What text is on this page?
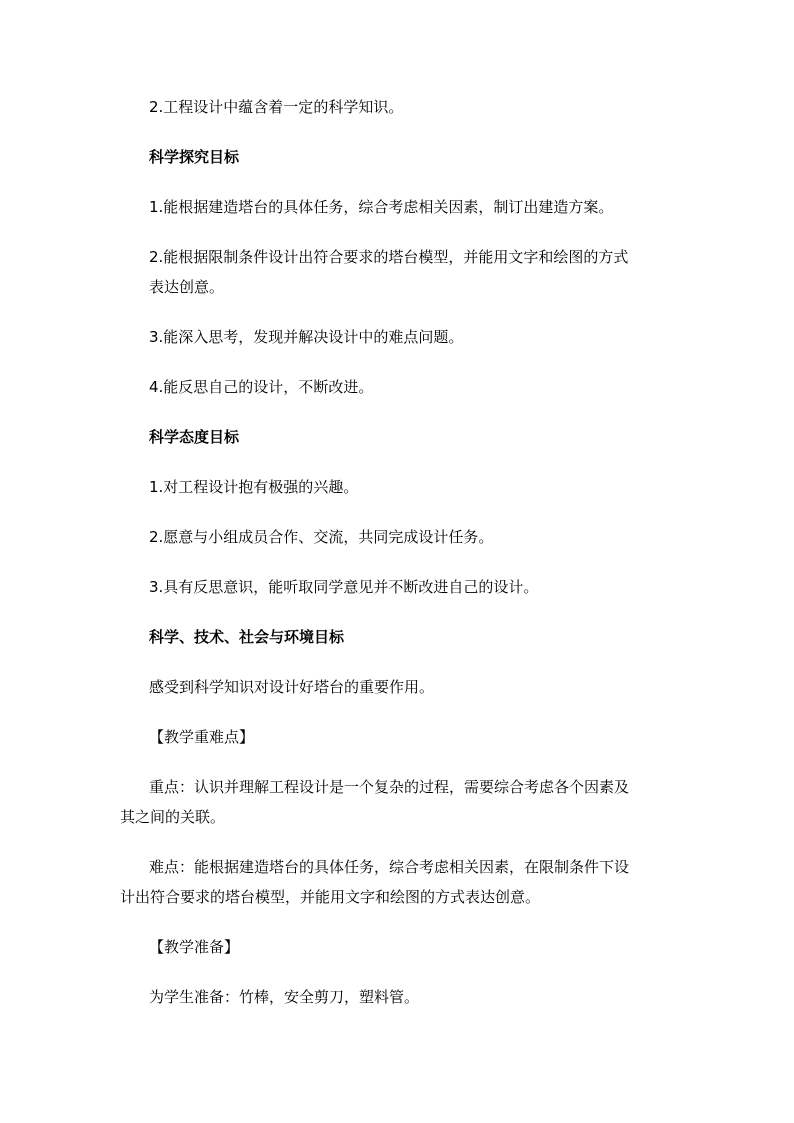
2.工程设计中蕴含着一定的科学知识。
科学探究目标
1.能根据建造塔台的具体任务，综合考虑相关因素，制订出建造方案。
2.能根据限制条件设计出符合要求的塔台模型，并能用文字和绘图的方式
表达创意。
3.能深入思考，发现并解决设计中的难点问题。
4.能反思自己的设计，不断改进。
科学态度目标
1.对工程设计抱有极强的兴趣。
2.愿意与小组成员合作、交流，共同完成设计任务。
3.具有反思意识，能听取同学意见并不断改进自己的设计。
科学、技术、社会与环境目标
感受到科学知识对设计好塔台的重要作用。
【教学重难点】
重点：认识并理解工程设计是一个复杂的过程，需要综合考虑各个因素及
其之间的关联。
难点：能根据建造塔台的具体任务，综合考虑相关因素，在限制条件下设
计出符合要求的塔台模型，并能用文字和绘图的方式表达创意。
【教学准备】
为学生准备：竹棒，安全剪刀，塑料管。
